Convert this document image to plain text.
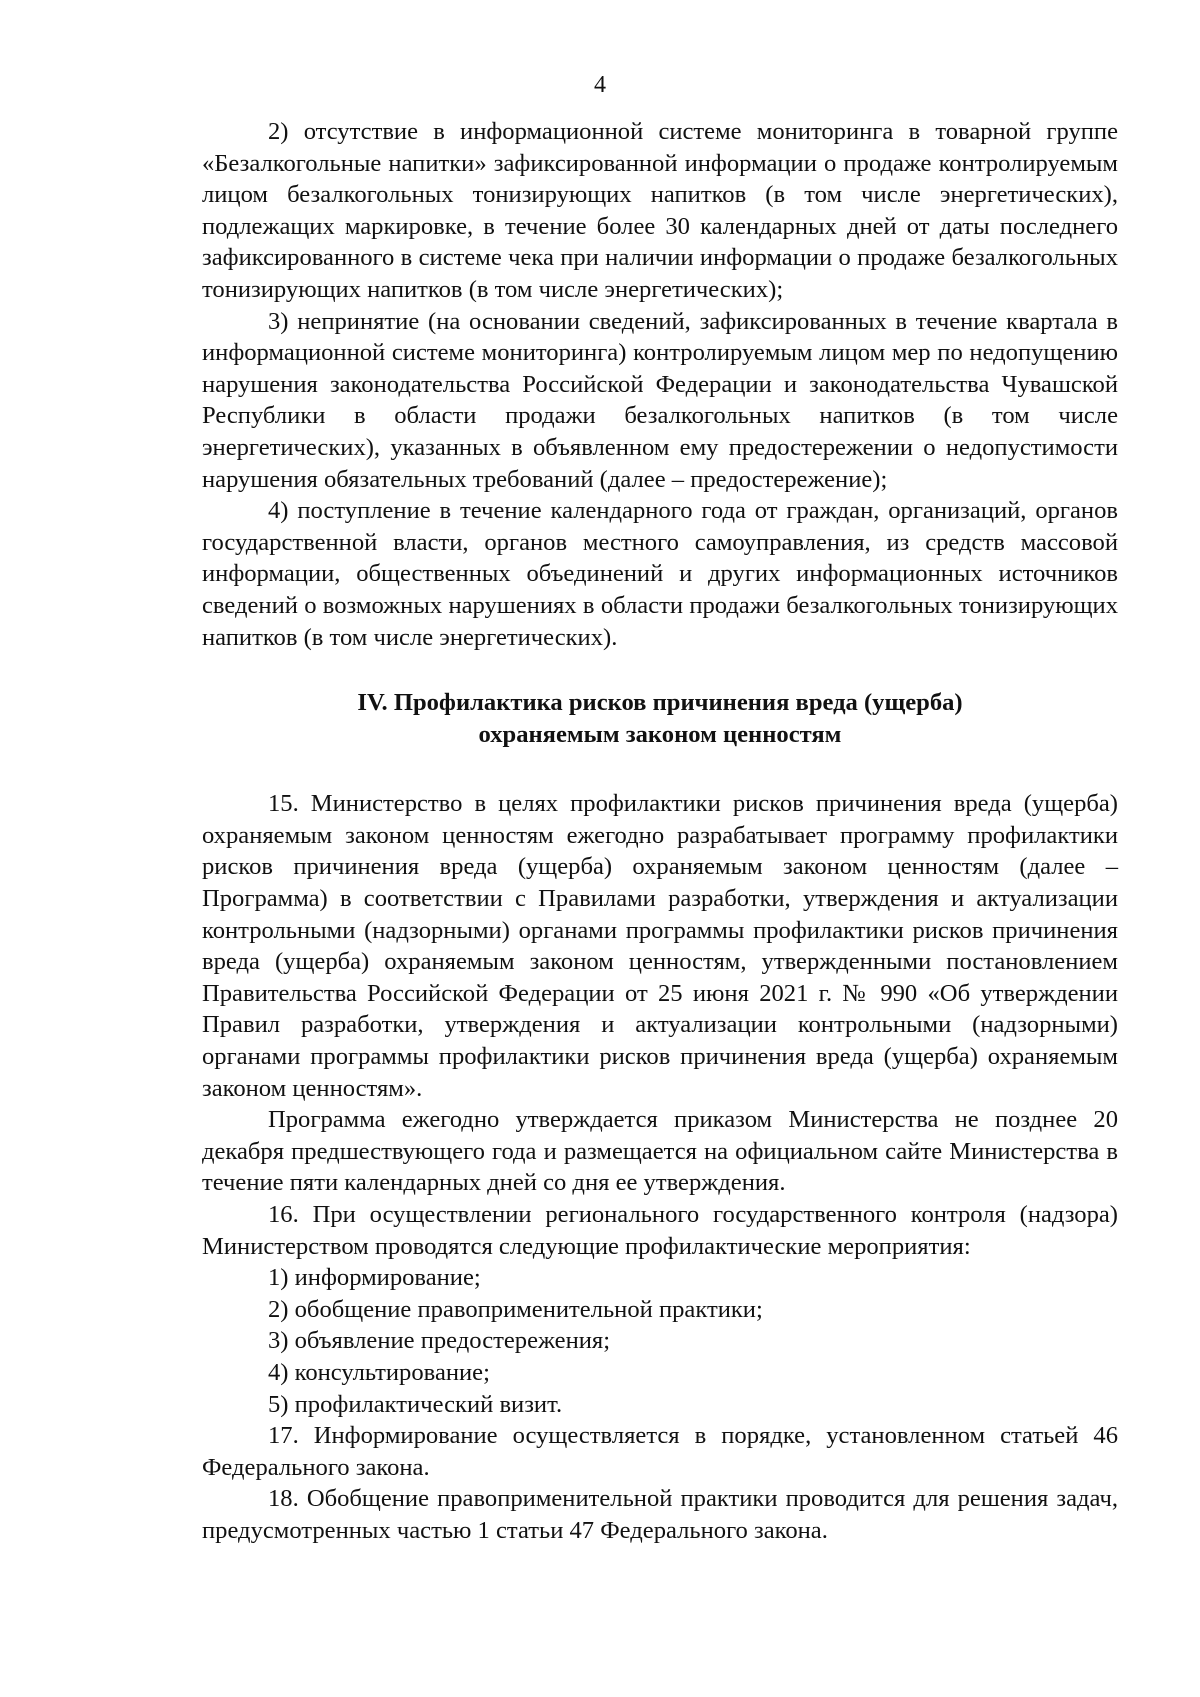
4

2) отсутствие в информационной системе мониторинга в товарной группе «Безалкогольные напитки» зафиксированной информации о продаже контролируемым лицом безалкогольных тонизирующих напитков (в том числе энергетических), подлежащих маркировке, в течение более 30 календарных дней от даты последнего зафиксированного в системе чека при наличии информации о продаже безалкогольных тонизирующих напитков (в том числе энергетических);

3) непринятие (на основании сведений, зафиксированных в течение квартала в информационной системе мониторинга) контролируемым лицом мер по недопущению нарушения законодательства Российской Федерации и законодательства Чувашской Республики в области продажи безалкогольных напитков (в том числе энергетических), указанных в объявленном ему предостережении о недопустимости нарушения обязательных требований (далее – предостережение);

4) поступление в течение календарного года от граждан, организаций, органов государственной власти, органов местного самоуправления, из средств массовой информации, общественных объединений и других информационных источников сведений о возможных нарушениях в области продажи безалкогольных тонизирующих напитков (в том числе энергетических).

IV. Профилактика рисков причинения вреда (ущерба)
охраняемым законом ценностям

15. Министерство в целях профилактики рисков причинения вреда (ущерба) охраняемым законом ценностям ежегодно разрабатывает программу профилактики рисков причинения вреда (ущерба) охраняемым законом ценностям (далее – Программа) в соответствии с Правилами разработки, утверждения и актуализации контрольными (надзорными) органами программы профилактики рисков причинения вреда (ущерба) охраняемым законом ценностям, утвержденными постановлением Правительства Российской Федерации от 25 июня 2021 г. № 990 «Об утверждении Правил разработки, утверждения и актуализации контрольными (надзорными) органами программы профилактики рисков причинения вреда (ущерба) охраняемым законом ценностям».

Программа ежегодно утверждается приказом Министерства не позднее 20 декабря предшествующего года и размещается на официальном сайте Министерства в течение пяти календарных дней со дня ее утверждения.

16. При осуществлении регионального государственного контроля (надзора) Министерством проводятся следующие профилактические мероприятия:

1) информирование;

2) обобщение правоприменительной практики;

3) объявление предостережения;

4) консультирование;

5) профилактический визит.

17. Информирование осуществляется в порядке, установленном статьей 46 Федерального закона.

18. Обобщение правоприменительной практики проводится для решения задач, предусмотренных частью 1 статьи 47 Федерального закона.
